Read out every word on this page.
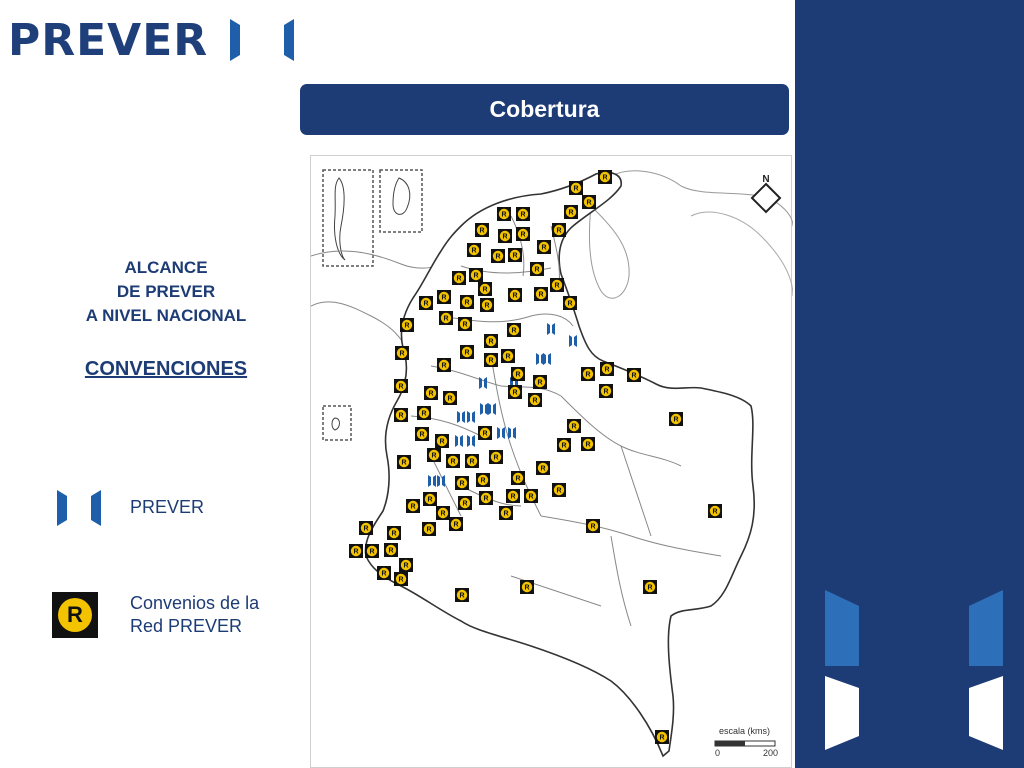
PREVER
Cobertura
ALCANCE
DE PREVER
A NIVEL NACIONAL
CONVENCIONES
PREVER
R	Convenios de la
Red PREVER
N
escala (kms)
0	200
R
R
R
R
R R
R	R
R R
R
R R
R
R
R R
R
R
R
R
R R
R	R
R
R
R
R
R
R
R
R
R
R
R
R
R
R
R
R
R
R
R
R
R
R
R	R
R
R
R
R
R
R	R
R
R R
R
R
R
R R	R
R
R
R
R
R	R R
R
R
R	R
R
R
R
R
R R R
R
R
R
R
R	R
R
